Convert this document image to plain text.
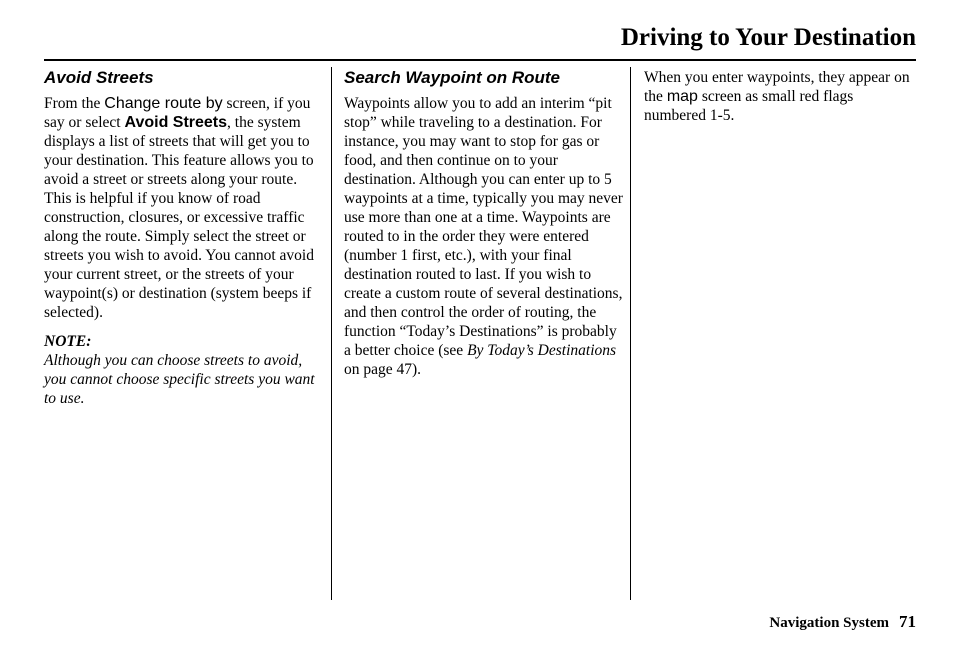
Driving to Your Destination
Avoid Streets

From the Change route by screen, if you say or select Avoid Streets, the system displays a list of streets that will get you to your destination. This feature allows you to avoid a street or streets along your route. This is helpful if you know of road construction, closures, or excessive traffic along the route. Simply select the street or streets you wish to avoid. You cannot avoid your current street, or the streets of your waypoint(s) or destination (system beeps if selected).

NOTE:

Although you can choose streets to avoid, you cannot choose specific streets you want to use.

Search Waypoint on Route

Waypoints allow you to add an interim “pit stop” while traveling to a destination. For instance, you may want to stop for gas or food, and then continue on to your destination. Although you can enter up to 5 waypoints at a time, typically you may never use more than one at a time. Waypoints are routed to in the order they were entered (number 1 first, etc.), with your final destination routed to last. If you wish to create a custom route of several destinations, and then control the order of routing, the function “Today’s Destinations” is probably a better choice (see By Today’s Destinations on page 47).

When you enter waypoints, they appear on the map screen as small red flags numbered 1-5.

Navigation System 71
